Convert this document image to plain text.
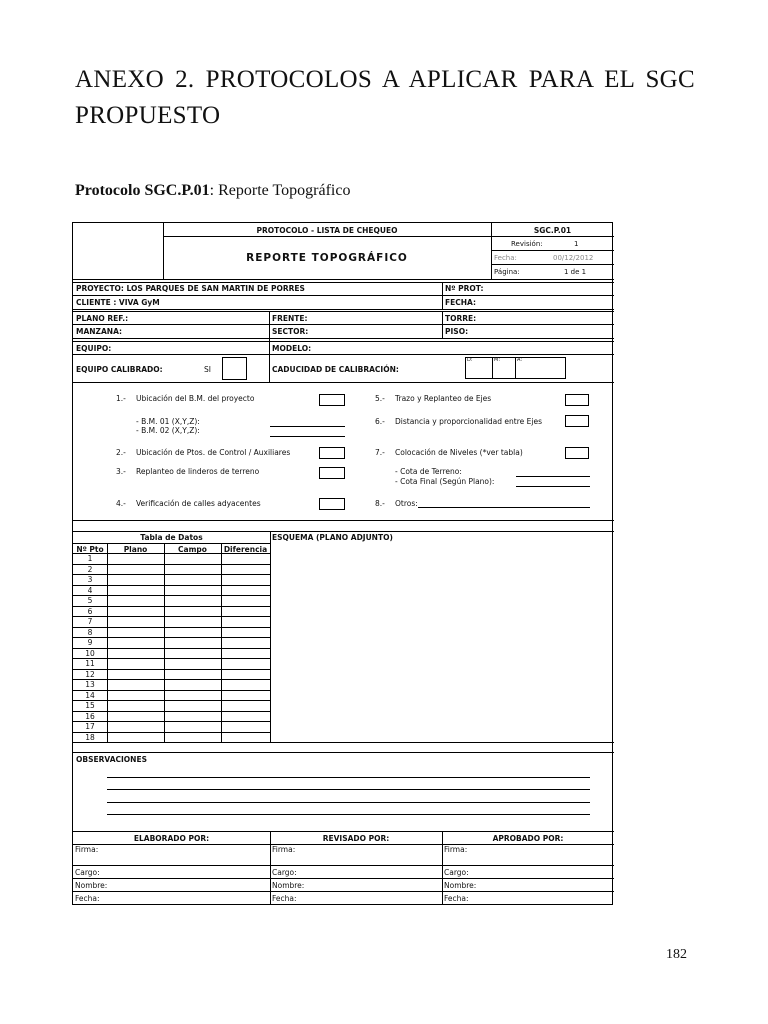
ANEXO 2. PROTOCOLOS A APLICAR PARA EL SGC PROPUESTO
Protocolo SGC.P.01: Reporte Topográfico
PROTOCOLO - LISTA DE CHEQUEO	SGC.P.01
REPORTE TOPOGRÁFICO
Revisión:	1
Fecha:	00/12/2012
Página:	1 de 1
PROYECTO: LOS PARQUES DE SAN MARTIN DE PORRES	Nº PROT:
CLIENTE : VIVA GyM	FECHA:
PLANO REF.:	FRENTE:	TORRE:
MANZANA:	SECTOR:	PISO:
EQUIPO:	MODELO:
EQUIPO CALIBRADO:	SI	CADUCIDAD DE CALIBRACIÓN:
D:	M:	A:
1.- Ubicación del B.M. del proyecto
- B.M. 01 (X,Y,Z):
- B.M. 02 (X,Y,Z):
2.- Ubicación de Ptos. de Control / Auxiliares
3.- Replanteo de linderos de terreno
4.- Verificación de calles adyacentes
5.- Trazo y Replanteo de Ejes
6.- Distancia y proporcionalidad entre Ejes
7.- Colocación de Niveles (*ver tabla)
- Cota de Terreno:
- Cota Final (Según Plano):
8.- Otros:
Tabla de Datos	ESQUEMA (PLANO ADJUNTO)
Nº Pto	Plano	Campo	Diferencia
1
2
3
4
5
6
7
8
9
10
11
12
13
14
15
16
17
18
OBSERVACIONES
ELABORADO POR:	REVISADO POR:	APROBADO POR:
Firma:	Firma:	Firma:
Cargo:	Cargo:	Cargo:
Nombre:	Nombre:	Nombre:
Fecha:	Fecha:	Fecha:
182
